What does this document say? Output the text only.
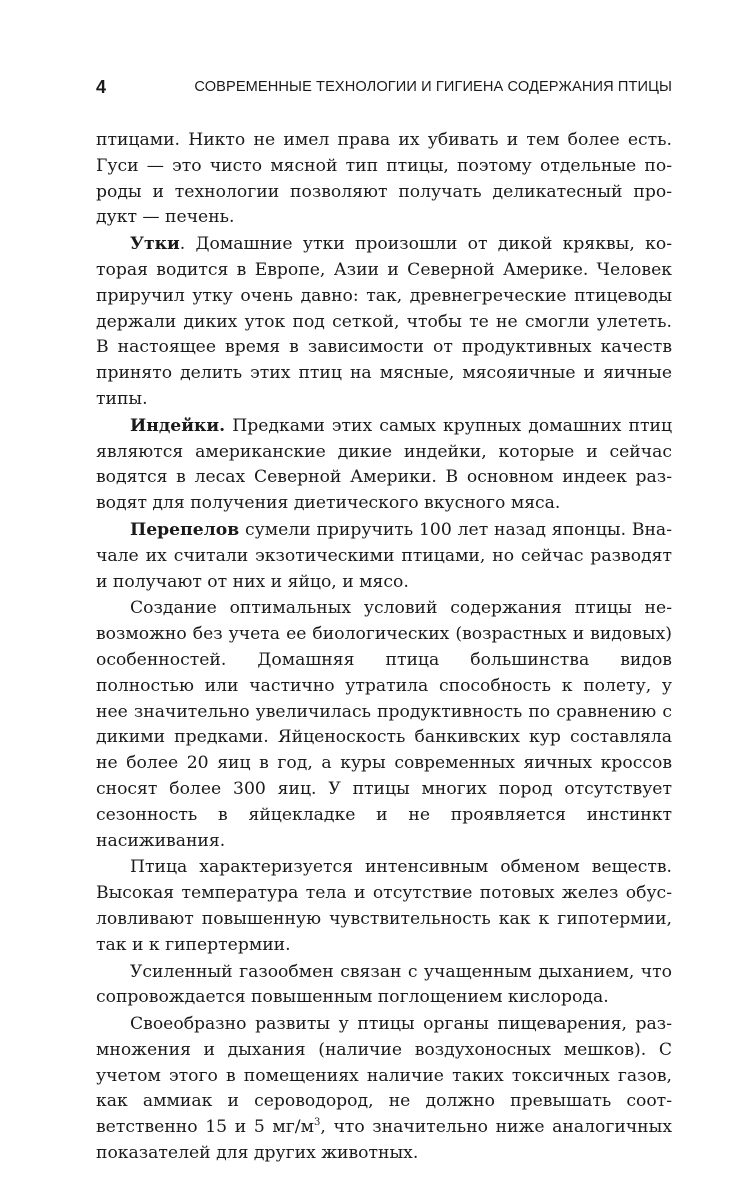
4	СОВРЕМЕННЫЕ ТЕХНОЛОГИИ И ГИГИЕНА СОДЕРЖАНИЯ ПТИЦЫ

птицами. Никто не имел права их убивать и тем более есть. Гуси — это чисто мясной тип птицы, поэтому отдельные породы и технологии позволяют получать деликатесный продукт — печень.

Утки. Домашние утки произошли от дикой кряквы, которая водится в Европе, Азии и Северной Америке. Человек приручил утку очень давно: так, древнегреческие птицеводы держали диких уток под сеткой, чтобы те не смогли улететь. В настоящее время в зависимости от продуктивных качеств принято делить этих птиц на мясные, мясояичные и яичные типы.

Индейки. Предками этих самых крупных домашних птиц являются американские дикие индейки, которые и сейчас водятся в лесах Северной Америки. В основном индеек разводят для получения диетического вкусного мяса.

Перепелов сумели приручить 100 лет назад японцы. Вначале их считали экзотическими птицами, но сейчас разводят и получают от них и яйцо, и мясо.

Создание оптимальных условий содержания птицы невозможно без учета ее биологических (возрастных и видовых) особенностей. Домашняя птица большинства видов полностью или частично утратила способность к полету, у нее значительно увеличилась продуктивность по сравнению с дикими предками. Яйценоскость банкивских кур составляла не более 20 яиц в год, а куры современных яичных кроссов сносят более 300 яиц. У птицы многих пород отсутствует сезонность в яйцекладке и не проявляется инстинкт насиживания.

Птица характеризуется интенсивным обменом веществ. Высокая температура тела и отсутствие потовых желез обусловливают повышенную чувствительность как к гипотермии, так и к гипертермии.

Усиленный газообмен связан с учащенным дыханием, что сопровождается повышенным поглощением кислорода.

Своеобразно развиты у птицы органы пищеварения, размножения и дыхания (наличие воздухоносных мешков). С учетом этого в помещениях наличие таких токсичных газов, как аммиак и сероводород, не должно превышать соответственно 15 и 5 $мг/м^3$, что значительно ниже аналогичных показателей для других животных.
